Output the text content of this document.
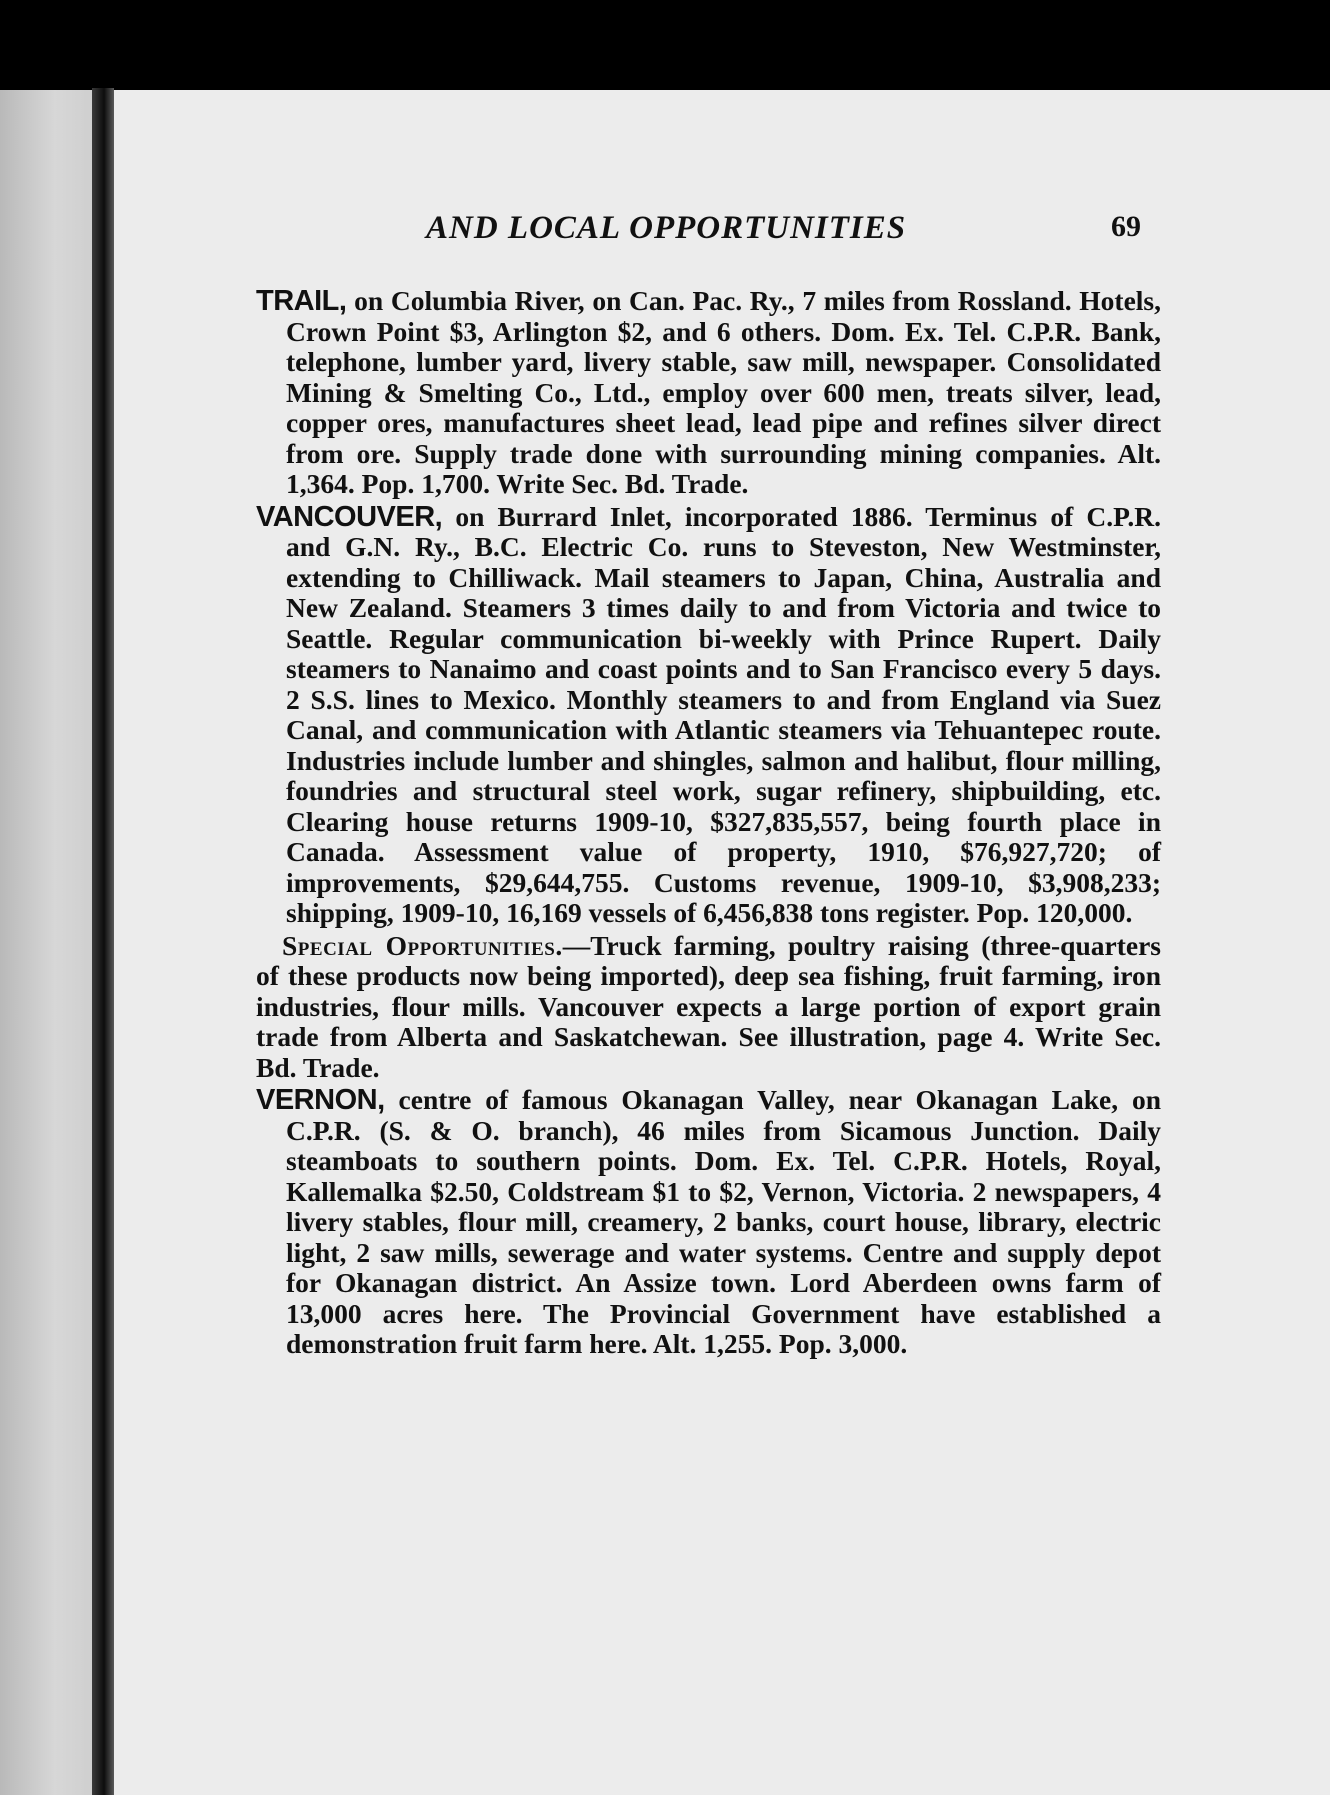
AND LOCAL OPPORTUNITIES	69

TRAIL, on Columbia River, on Can. Pac. Ry., 7 miles from Rossland. Hotels, Crown Point $3, Arlington $2, and 6 others. Dom. Ex. Tel. C.P.R. Bank, telephone, lumber yard, livery stable, saw mill, newspaper. Consolidated Mining & Smelting Co., Ltd., employ over 600 men, treats silver, lead, copper ores, manufactures sheet lead, lead pipe and refines silver direct from ore. Supply trade done with surrounding mining companies. Alt. 1,364. Pop. 1,700. Write Sec. Bd. Trade.

VANCOUVER, on Burrard Inlet, incorporated 1886. Terminus of C.P.R. and G.N. Ry., B.C. Electric Co. runs to Steveston, New Westminster, extending to Chilliwack. Mail steamers to Japan, China, Australia and New Zealand. Steamers 3 times daily to and from Victoria and twice to Seattle. Regular communication bi-weekly with Prince Rupert. Daily steamers to Nanaimo and coast points and to San Francisco every 5 days. 2 S.S. lines to Mexico. Monthly steamers to and from England via Suez Canal, and communication with Atlantic steamers via Tehuantepec route. Industries include lumber and shingles, salmon and halibut, flour milling, foundries and structural steel work, sugar refinery, shipbuilding, etc. Clearing house returns 1909-10, $327,835,557, being fourth place in Canada. Assessment value of property, 1910, $76,927,720; of improvements, $29,644,755. Customs revenue, 1909-10, $3,908,233; shipping, 1909-10, 16,169 vessels of 6,456,838 tons register. Pop. 120,000.

Special Opportunities.—Truck farming, poultry raising (three-quarters of these products now being imported), deep sea fishing, fruit farming, iron industries, flour mills. Vancouver expects a large portion of export grain trade from Alberta and Saskatchewan. See illustration, page 4. Write Sec. Bd. Trade.

VERNON, centre of famous Okanagan Valley, near Okanagan Lake, on C.P.R. (S. & O. branch), 46 miles from Sicamous Junction. Daily steamboats to southern points. Dom. Ex. Tel. C.P.R. Hotels, Royal, Kallemalka $2.50, Coldstream $1 to $2, Vernon, Victoria. 2 newspapers, 4 livery stables, flour mill, creamery, 2 banks, court house, library, electric light, 2 saw mills, sewerage and water systems. Centre and supply depot for Okanagan district. An Assize town. Lord Aberdeen owns farm of 13,000 acres here. The Provincial Government have established a demonstration fruit farm here. Alt. 1,255. Pop. 3,000.
